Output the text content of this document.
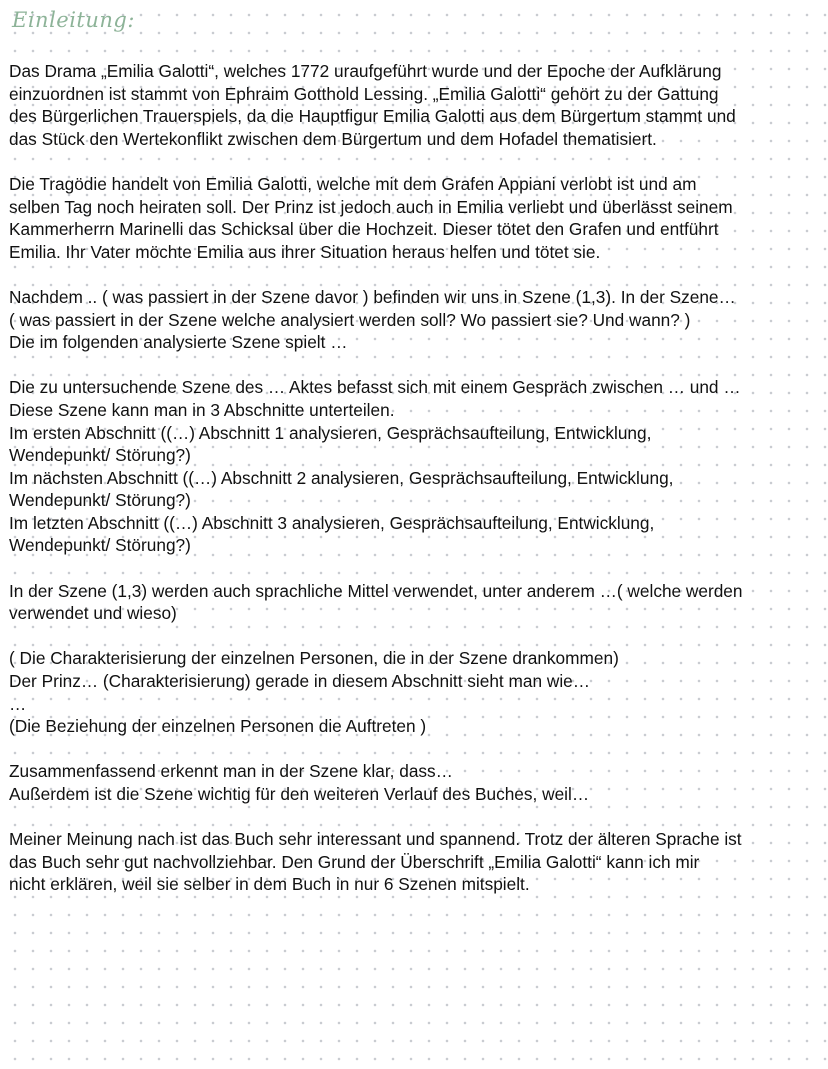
Einleitung:

Das Drama „Emilia Galotti“, welches 1772 uraufgeführt wurde und der Epoche der Aufklärung
einzuordnen ist stammt von Ephraim Gotthold Lessing. „Emilia Galotti“ gehört zu der Gattung
des Bürgerlichen Trauerspiels, da die Hauptfigur Emilia Galotti aus dem Bürgertum stammt und
das Stück den Wertekonflikt zwischen dem Bürgertum und dem Hofadel thematisiert.

Die Tragödie handelt von Emilia Galotti, welche mit dem Grafen Appiani verlobt ist und am
selben Tag noch heiraten soll. Der Prinz ist jedoch auch in Emilia verliebt und überlässt seinem
Kammerherrn Marinelli das Schicksal über die Hochzeit. Dieser tötet den Grafen und entführt
Emilia. Ihr Vater möchte Emilia aus ihrer Situation heraus helfen und tötet sie.

Nachdem .. ( was passiert in der Szene davor ) befinden wir uns in Szene (1,3). In der Szene…
( was passiert in der Szene welche analysiert werden soll? Wo passiert sie? Und wann? )
Die im folgenden analysierte Szene spielt …

Die zu untersuchende Szene des … Aktes befasst sich mit einem Gespräch zwischen … und …
Diese Szene kann man in 3 Abschnitte unterteilen.
Im ersten Abschnitt ((…) Abschnitt 1 analysieren, Gesprächsaufteilung, Entwicklung,
Wendepunkt/ Störung?)
Im nächsten Abschnitt ((…) Abschnitt 2 analysieren, Gesprächsaufteilung, Entwicklung,
Wendepunkt/ Störung?)
Im letzten Abschnitt ((…) Abschnitt 3 analysieren, Gesprächsaufteilung, Entwicklung,
Wendepunkt/ Störung?)

In der Szene (1,3) werden auch sprachliche Mittel verwendet, unter anderem …( welche werden
verwendet und wieso)

( Die Charakterisierung der einzelnen Personen, die in der Szene drankommen)
Der Prinz… (Charakterisierung) gerade in diesem Abschnitt sieht man wie…
…
(Die Beziehung der einzelnen Personen die Auftreten )

Zusammenfassend erkennt man in der Szene klar, dass…
Außerdem ist die Szene wichtig für den weiteren Verlauf des Buches, weil…

Meiner Meinung nach ist das Buch sehr interessant und spannend. Trotz der älteren Sprache ist
das Buch sehr gut nachvollziehbar. Den Grund der Überschrift „Emilia Galotti“ kann ich mir
nicht erklären, weil sie selber in dem Buch in nur 6 Szenen mitspielt.
